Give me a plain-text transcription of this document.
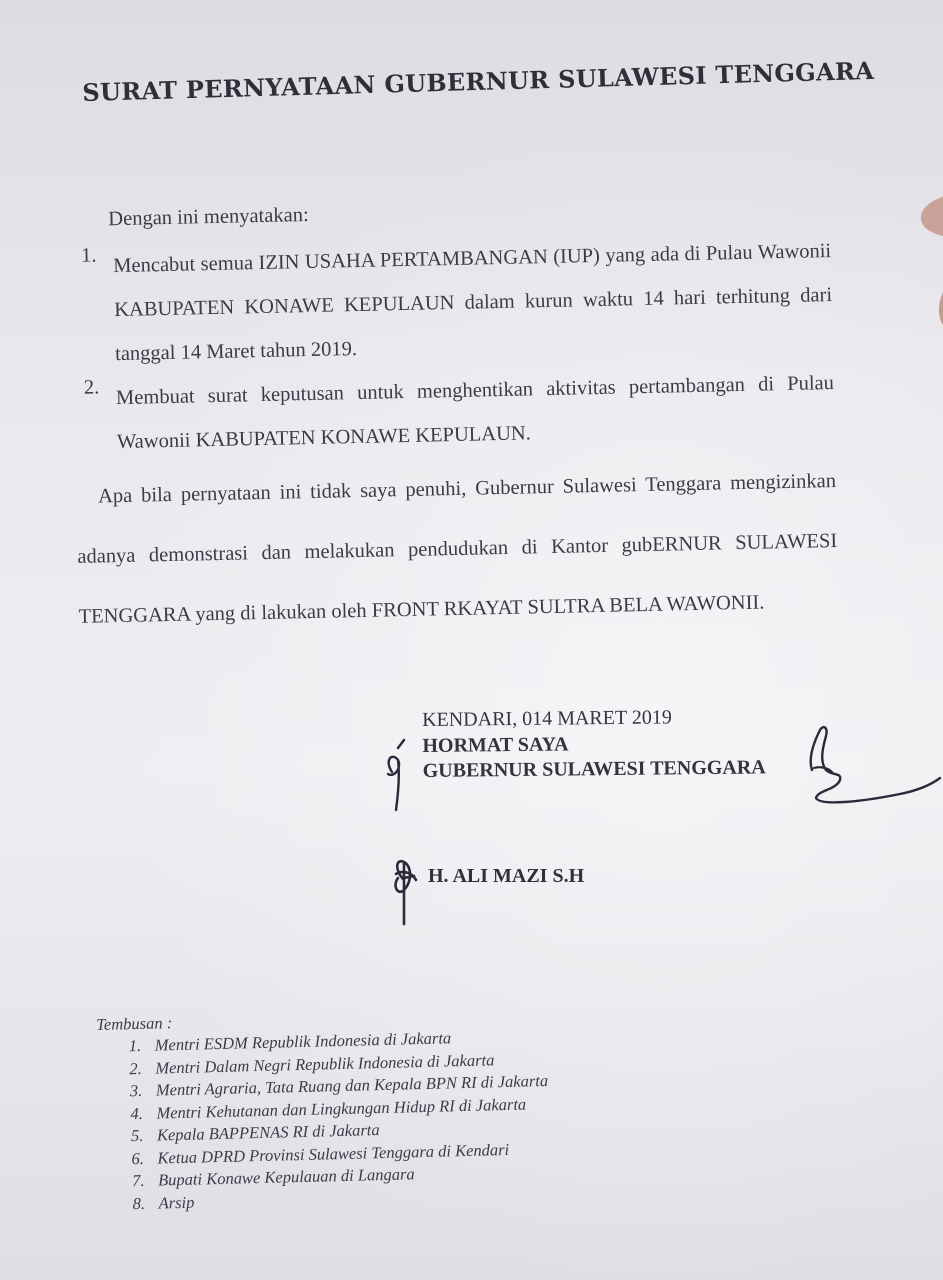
SURAT PERNYATAAN GUBERNUR SULAWESI TENGGARA
Dengan ini menyatakan:
1. Mencabut semua IZIN USAHA PERTAMBANGAN (IUP) yang ada di Pulau Wawonii KABUPATEN KONAWE KEPULAUN dalam kurun waktu 14 hari terhitung dari tanggal 14 Maret tahun 2019.
2. Membuat surat keputusan untuk menghentikan aktivitas pertambangan di Pulau Wawonii KABUPATEN KONAWE KEPULAUN.
Apa bila pernyataan ini tidak saya penuhi, Gubernur Sulawesi Tenggara mengizinkan adanya demonstrasi dan melakukan pendudukan di Kantor gubERNUR SULAWESI TENGGARA yang di lakukan oleh FRONT RKAYAT SULTRA BELA WAWONII.
KENDARI, 014 MARET 2019
HORMAT SAYA
GUBERNUR SULAWESI TENGGARA
H. ALI MAZI S.H
Tembusan :
1. Mentri ESDM Republik Indonesia di Jakarta
2. Mentri Dalam Negri Republik Indonesia di Jakarta
3. Mentri Agraria, Tata Ruang dan Kepala BPN RI di Jakarta
4. Mentri Kehutanan dan Lingkungan Hidup RI di Jakarta
5. Kepala BAPPENAS RI di Jakarta
6. Ketua DPRD Provinsi Sulawesi Tenggara di Kendari
7. Bupati Konawe Kepulauan di Langara
8. Arsip
